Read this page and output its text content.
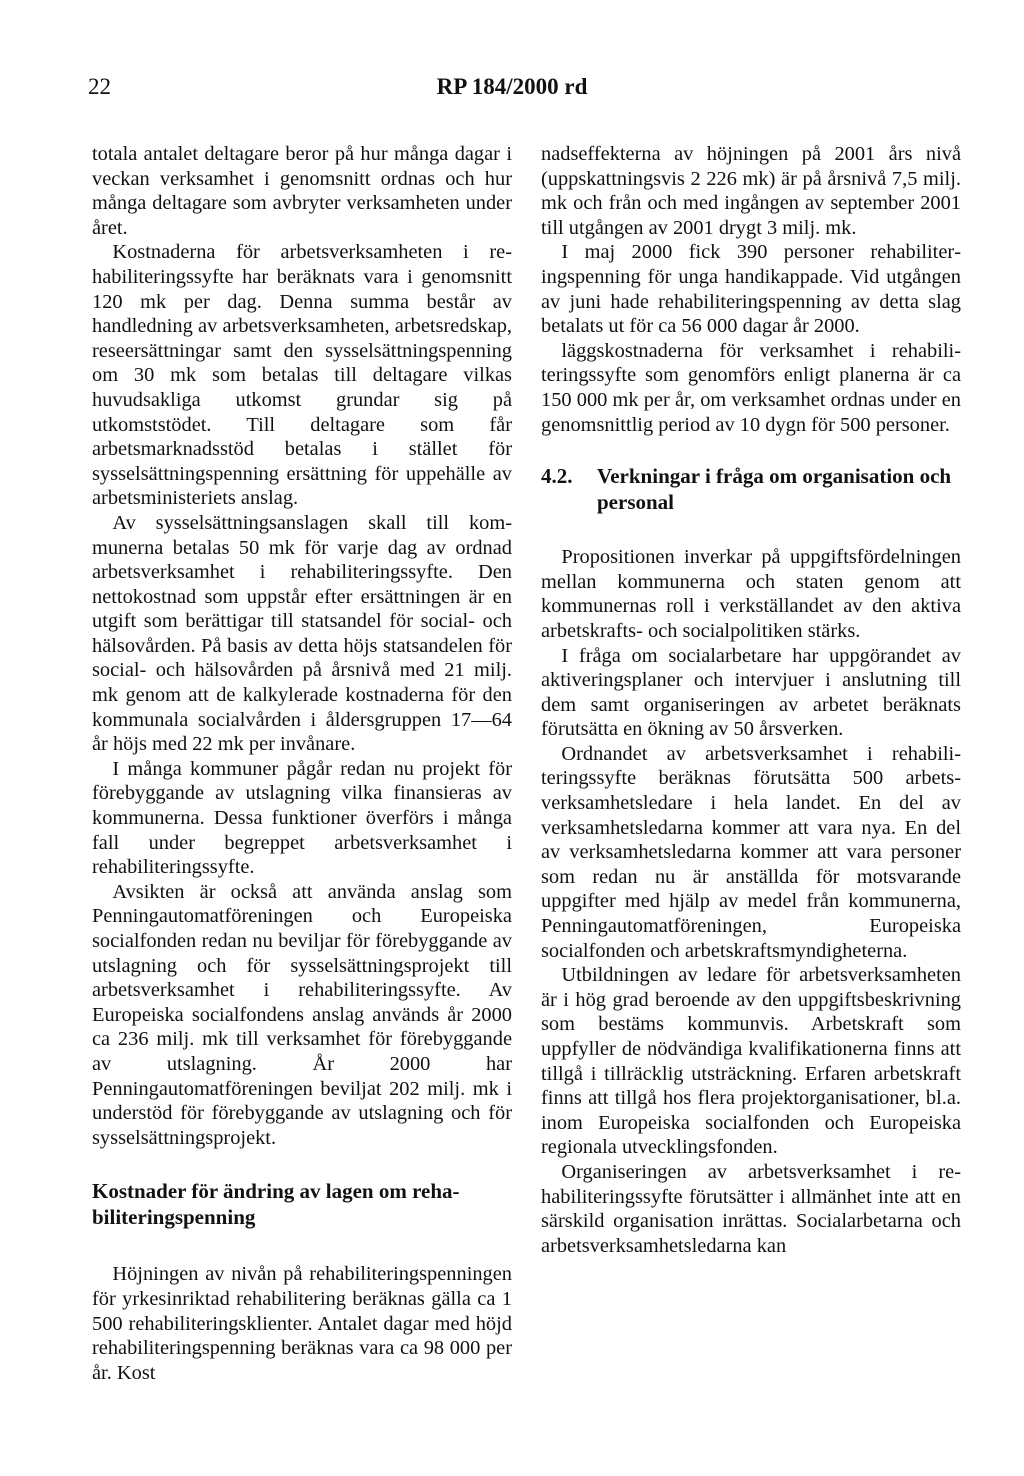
22	RP 184/2000 rd

totala antalet deltagare beror på hur många dagar i veckan verksamhet i genomsnitt ordnas och hur många deltagare som avbryter verksamheten under året.

Kostnaderna för arbetsverksamheten i rehabiliteringssyfte har beräknats vara i genomsnitt 120 mk per dag. Denna summa består av handledning av arbetsverksamheten, arbetsredskap, reseersättningar samt den sysselsättningspenning om 30 mk som betalas till deltagare vilkas huvudsakliga utkomst grundar sig på utkomststödet. Till deltagare som får arbetsmarknadsstöd betalas i stället för sysselsättningspenning ersättning för uppehälle av arbetsministeriets anslag.

Av sysselsättningsanslagen skall till kommunerna betalas 50 mk för varje dag av ordnad arbetsverksamhet i rehabiliteringssyfte. Den nettokostnad som uppstår efter ersättningen är en utgift som berättigar till statsandel för social- och hälsovården. På basis av detta höjs statsandelen för social- och hälsovården på årsnivå med 21 milj. mk genom att de kalkylerade kostnaderna för den kommunala socialvården i åldersgruppen 17—64 år höjs med 22 mk per invånare.

I många kommuner pågår redan nu projekt för förebyggande av utslagning vilka finansieras av kommunerna. Dessa funktioner överförs i många fall under begreppet arbetsverksamhet i rehabiliteringssyfte.

Avsikten är också att använda anslag som Penningautomatföreningen och Europeiska socialfonden redan nu beviljar för förebyggande av utslagning och för sysselsättningsprojekt till arbetsverksamhet i rehabiliteringssyfte. Av Europeiska socialfondens anslag används år 2000 ca 236 milj. mk till verksamhet för förebyggande av utslagning. År 2000 har Penningautomatföreningen beviljat 202 milj. mk i understöd för förebyggande av utslagning och för sysselsättningsprojekt.

Kostnader för ändring av lagen om rehabiliteringspenning

Höjningen av nivån på rehabiliteringspenningen för yrkesinriktad rehabilitering beräknas gälla ca 1 500 rehabiliteringsklienter. Antalet dagar med höjd rehabiliteringspenning beräknas vara ca 98 000 per år. Kost

nadseffekterna av höjningen på 2001 års nivå (uppskattningsvis 2 226 mk) är på årsnivå 7,5 milj. mk och från och med ingången av september 2001 till utgången av 2001 drygt 3 milj. mk.

I maj 2000 fick 390 personer rehabiliteringspenning för unga handikappade. Vid utgången av juni hade rehabiliteringspenning av detta slag betalats ut för ca 56 000 dagar år 2000.

läggskostnaderna för verksamhet i rehabiliteringssyfte som genomförs enligt planerna är ca 150 000 mk per år, om verksamhet ordnas under en genomsnittlig period av 10 dygn för 500 personer.

4.2.	Verkningar i fråga om organisation och personal

Propositionen inverkar på uppgiftsfördelningen mellan kommunerna och staten genom att kommunernas roll i verkställandet av den aktiva arbetskrafts- och socialpolitiken stärks.

I fråga om socialarbetare har uppgörandet av aktiveringsplaner och intervjuer i anslutning till dem samt organiseringen av arbetet beräknats förutsätta en ökning av 50 årsverken.

Ordnandet av arbetsverksamhet i rehabiliteringssyfte beräknas förutsätta 500 arbetsverksamhetsledare i hela landet. En del av verksamhetsledarna kommer att vara nya. En del av verksamhetsledarna kommer att vara personer som redan nu är anställda för motsvarande uppgifter med hjälp av medel från kommunerna, Penningautomatföreningen, Europeiska socialfonden och arbetskraftsmyndigheterna.

Utbildningen av ledare för arbetsverksamheten är i hög grad beroende av den uppgiftsbeskrivning som bestäms kommunvis. Arbetskraft som uppfyller de nödvändiga kvalifikationerna finns att tillgå i tillräcklig utsträckning. Erfaren arbetskraft finns att tillgå hos flera projektorganisationer, bl.a. inom Europeiska socialfonden och Europeiska regionala utvecklingsfonden.

Organiseringen av arbetsverksamhet i rehabiliteringssyfte förutsätter i allmänhet inte att en särskild organisation inrättas. Socialarbetarna och arbetsverksamhetsledarna kan
